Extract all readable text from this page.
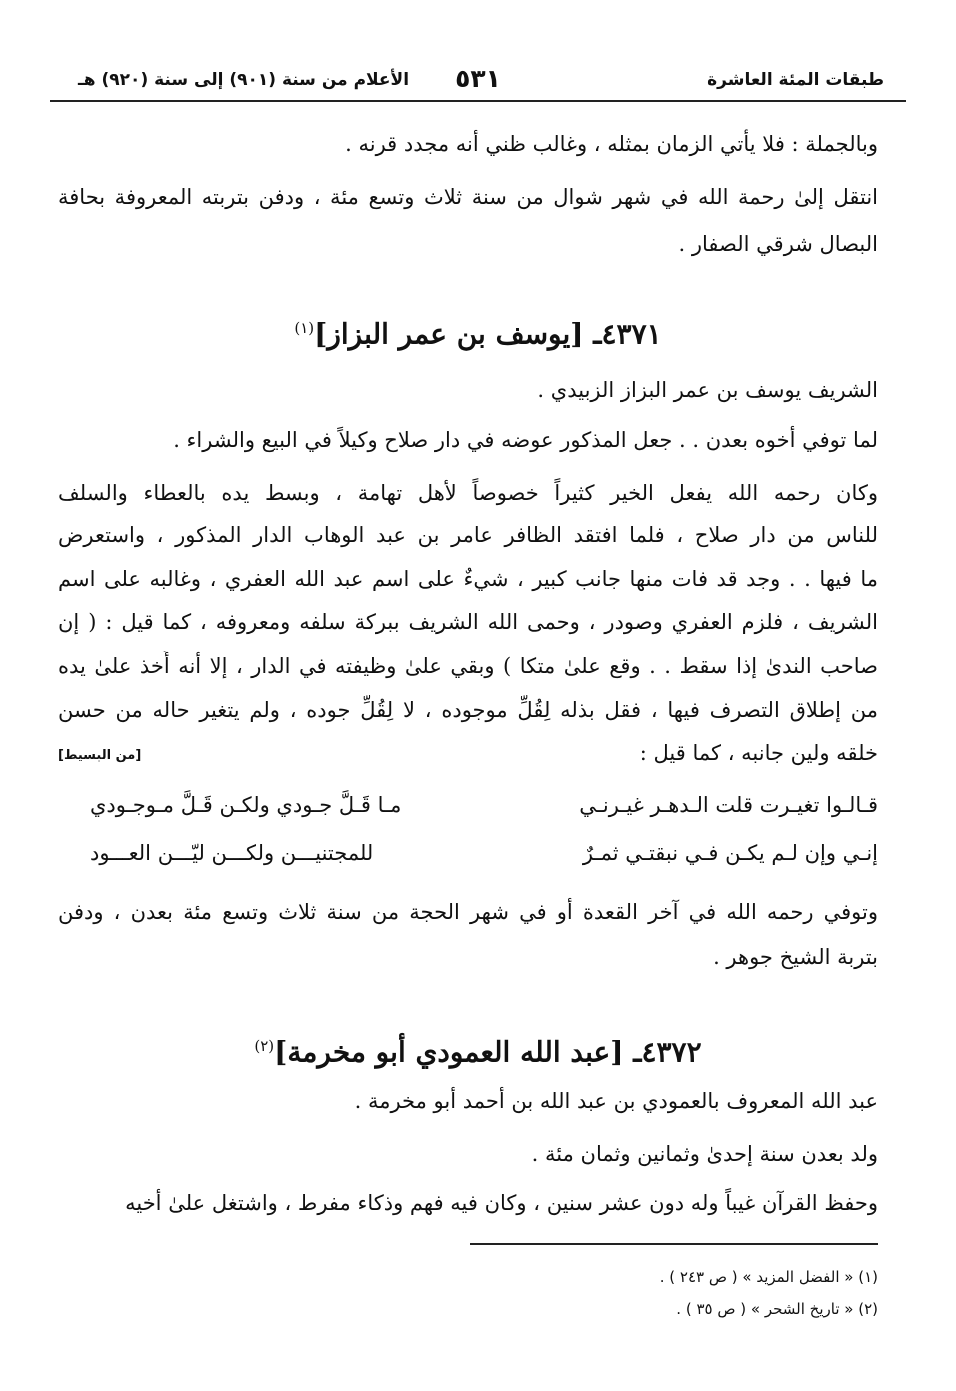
طبقات المئة العاشرة
٥٣١
الأعلام من سنة (٩٠١) إلى سنة (٩٢٠) هـ
وبالجملة : فلا يأتي الزمان بمثله ، وغالب ظني أنه مجدد قرنه .
انتقل إلىٰ رحمة الله في شهر شوال من سنة ثلاث وتسع مئة ، ودفن بتربته المعروفة بحافة
البصال شرقي الصفار .
٤٣٧١ـ [يوسف بن عمر البزاز]$^{(١)}$
الشريف يوسف بن عمر البزاز الزبيدي .
لما توفي أخوه بعدن . . جعل المذكور عوضه في دار صلاح وكيلاً في البيع والشراء .
وكان رحمه الله يفعل الخير كثيراً خصوصاً لأهل تهامة ، وبسط يده بالعطاء والسلف
للناس من دار صلاح ، فلما افتقد الظافر عامر بن عبد الوهاب الدار المذكور ، واستعرض
ما فيها . . وجد قد فات منها جانب كبير ، شيءٌ على اسم عبد الله العفري ، وغالبه على اسم
الشريف ، فلزم العفري وصودر ، وحمى الله الشريف ببركة سلفه ومعروفه ، كما قيل : ( إن
صاحب الندىٰ إذا سقط . . وقع علىٰ متكا ) وبقي علىٰ وظيفته في الدار ، إلا أنه أُخذ علىٰ يده
من إطلاق التصرف فيها ، فقل بذله لِقُلِّ موجوده ، لا لِقُلِّ جوده ، ولم يتغير حاله من حسن
خلقه ولين جانبه ، كما قيل :
[من البسيط]
قـالـوا تغيـرت قلت الـدهـر غيـرنـي
مـا قَـلَّ جـودي ولكـن قَـلَّ مـوجـودي
إنـي وإن لـم يكـن فـي نبقتـي ثمـرٌ
للمجتنيـــن ولكـــن ليّـــن العـــود
وتوفي رحمه الله في آخر القعدة أو في شهر الحجة من سنة ثلاث وتسع مئة بعدن ، ودفن
بتربة الشيخ جوهر .
٤٣٧٢ـ [عبد الله العمودي أبو مخرمة]$^{(٢)}$
عبد الله المعروف بالعمودي بن عبد الله بن أحمد أبو مخرمة .
ولد بعدن سنة إحدىٰ وثمانين وثمان مئة .
وحفظ القرآن غيباً وله دون عشر سنين ، وكان فيه فهم وذكاء مفرط ، واشتغل علىٰ أخيه
(١) « الفضل المزيد » ( ص ٢٤٣ ) .
(٢) « تاريخ الشحر » ( ص ٣٥ ) .
